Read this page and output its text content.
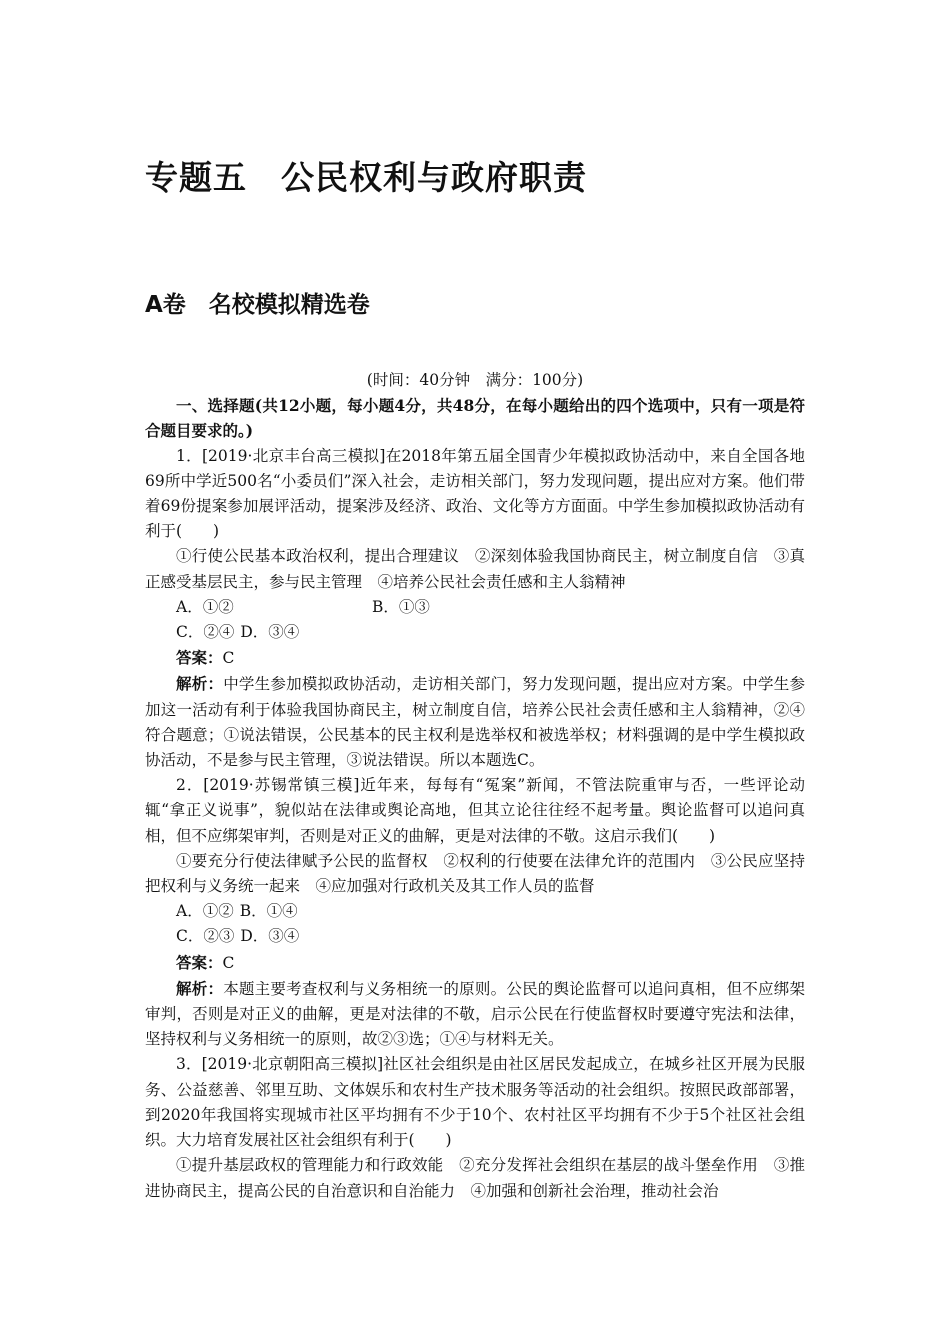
专题五　公民权利与政府职责
A卷　名校模拟精选卷

(时间：40分钟　满分：100分)

一、选择题(共12小题，每小题4分，共48分，在每小题给出的四个选项中，只有一项是符合题目要求的。)

1．[2019·北京丰台高三模拟]在2018年第五届全国青少年模拟政协活动中，来自全国各地69所中学近500名“小委员们”深入社会，走访相关部门，努力发现问题，提出应对方案。他们带着69份提案参加展评活动，提案涉及经济、政治、文化等方方面面。中学生参加模拟政协活动有利于(　　)

①行使公民基本政治权利，提出合理建议　②深刻体验我国协商民主，树立制度自信　③真正感受基层民主，参与民主管理　④培养公民社会责任感和主人翁精神

A．①②	B．①③
C．②④ D．③④

答案：C

解析：中学生参加模拟政协活动，走访相关部门，努力发现问题，提出应对方案。中学生参加这一活动有利于体验我国协商民主，树立制度自信，培养公民社会责任感和主人翁精神，②④符合题意；①说法错误，公民基本的民主权利是选举权和被选举权；材料强调的是中学生模拟政协活动，不是参与民主管理，③说法错误。所以本题选C。

2．[2019·苏锡常镇三模]近年来，每每有“冤案”新闻，不管法院重审与否，一些评论动辄“拿正义说事”，貌似站在法律或舆论高地，但其立论往往经不起考量。舆论监督可以追问真相，但不应绑架审判，否则是对正义的曲解，更是对法律的不敬。这启示我们(　　)

①要充分行使法律赋予公民的监督权　②权利的行使要在法律允许的范围内　③公民应坚持把权利与义务统一起来　④应加强对行政机关及其工作人员的监督

A．①② B．①④
C．②③ D．③④

答案：C

解析：本题主要考查权利与义务相统一的原则。公民的舆论监督可以追问真相，但不应绑架审判，否则是对正义的曲解，更是对法律的不敬，启示公民在行使监督权时要遵守宪法和法律，坚持权利与义务相统一的原则，故②③选；①④与材料无关。

3．[2019·北京朝阳高三模拟]社区社会组织是由社区居民发起成立，在城乡社区开展为民服务、公益慈善、邻里互助、文体娱乐和农村生产技术服务等活动的社会组织。按照民政部部署，到2020年我国将实现城市社区平均拥有不少于10个、农村社区平均拥有不少于5个社区社会组织。大力培育发展社区社会组织有利于(　　)

①提升基层政权的管理能力和行政效能　②充分发挥社会组织在基层的战斗堡垒作用　③推进协商民主，提高公民的自治意识和自治能力　④加强和创新社会治理，推动社会治
